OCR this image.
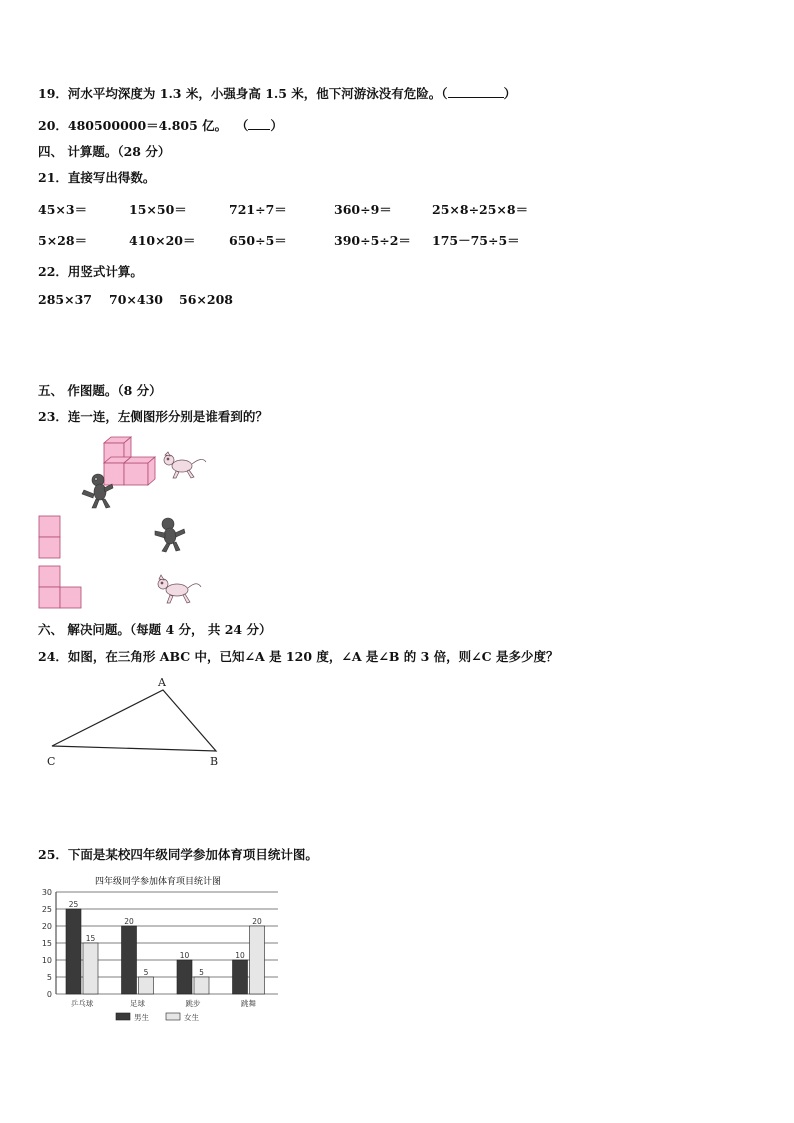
19．河水平均深度为 1.3 米，小强身高 1.5 米，他下河游泳没有危险。（	）
20．480500000＝4.805 亿。 （ ）
四、 计算题。（28 分）
21．直接写出得数。
45×3＝	15×50＝	721÷7＝	360÷9＝	25×8÷25×8＝
5×28＝	410×20＝	650÷5＝	390÷5÷2＝ 175－75÷5＝
22．用竖式计算。
285×37 70×430 56×208
五、 作图题。（8 分）
23．连一连，左侧图形分别是谁看到的？
A
B
C
六、 解决问题。（每题 4 分， 共 24 分）
24．如图，在三角形 ABC 中，已知∠A 是 120 度，∠A 是∠B 的 3 倍，则∠C 是多少度？
25．下面是某校四年级同学参加体育项目统计图。
四年级同学参加体育项目统计图
0
5
10
15
20
25
30
25
15
乒乓球
20
5
足球
10
5
跳步
10
20
跳舞
男生	女生
